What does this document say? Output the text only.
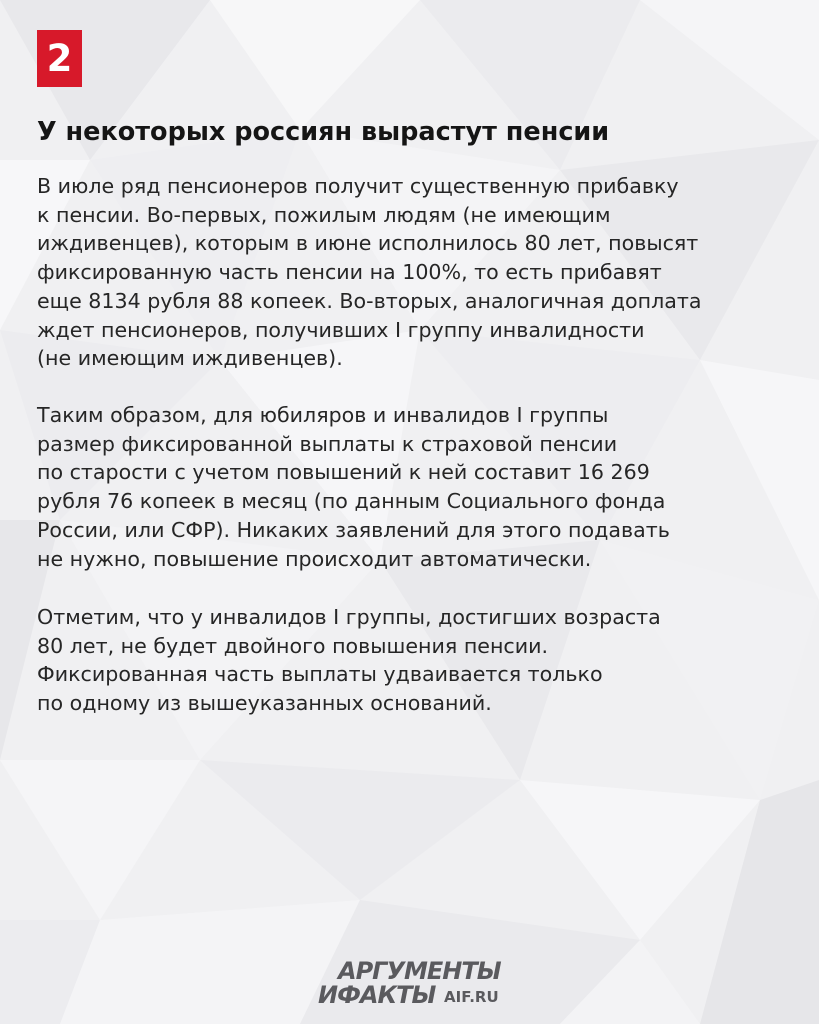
2
У некоторых россиян вырастут пенсии

В июле ряд пенсионеров получит существенную прибавку
к пенсии. Во-первых, пожилым людям (не имеющим
иждивенцев), которым в июне исполнилось 80 лет, повысят
фиксированную часть пенсии на 100%, то есть прибавят
еще 8134 рубля 88 копеек. Во-вторых, аналогичная доплата
ждет пенсионеров, получивших I группу инвалидности
(не имеющим иждивенцев).

Таким образом, для юбиляров и инвалидов I группы
размер фиксированной выплаты к страховой пенсии
по старости с учетом повышений к ней составит 16 269
рубля 76 копеек в месяц (по данным Социального фонда
России, или СФР). Никаких заявлений для этого подавать
не нужно, повышение происходит автоматически.

Отметим, что у инвалидов I группы, достигших возраста
80 лет, не будет двойного повышения пенсии.
Фиксированная часть выплаты удваивается только
по одному из вышеуказанных оснований.

АРГУМЕНТЫ
ИФАКТЫ AIF.RU
